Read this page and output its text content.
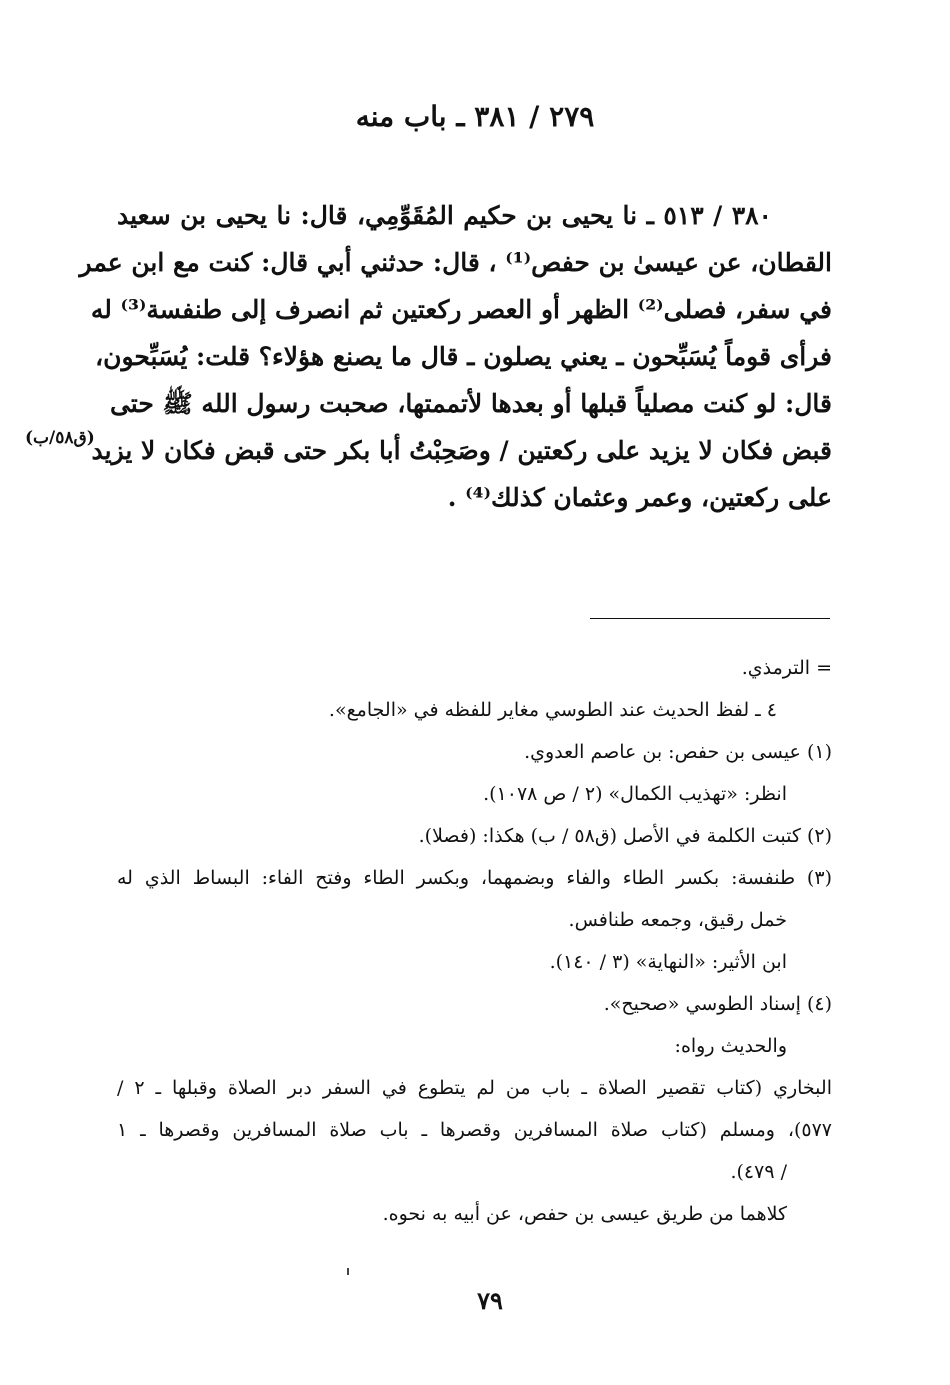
٢٧٩ / ٣٨١ ـ باب منه
٣٨٠ / ٥١٣ ـ نا يحيى بن حكيم المُقَوِّمِي، قال: نا يحيى بن سعيد
القطان، عن عيسىٰ بن حفص⁽¹⁾ ، قال: حدثني أبي قال: كنت مع ابن عمر
في سفر، فصلى⁽²⁾ الظهر أو العصر ركعتين ثم انصرف إلى طنفسة⁽³⁾ له
فرأى قوماً يُسَبِّحون ـ يعني يصلون ـ قال ما يصنع هؤلاء؟ قلت: يُسَبِّحون،
قال: لو كنت مصلياً قبلها أو بعدها لأتممتها، صحبت رسول الله ﷺ حتى
قبض فكان لا يزيد على ركعتين / وصَحِبْتُ أبا بكر حتى قبض فكان لا يزيد
على ركعتين، وعمر وعثمان كذلك⁽⁴⁾ .
(ق٥٨/ب)
= الترمذي.
٤ ـ لفظ الحديث عند الطوسي مغاير للفظه في «الجامع».
(١) عيسى بن حفص: بن عاصم العدوي.
انظر: «تهذيب الكمال» (٢ / ص ١٠٧٨).
(٢) كتبت الكلمة في الأصل (ق٥٨ / ب) هكذا: (فصلا).
(٣) طنفسة: بكسر الطاء والفاء وبضمهما، وبكسر الطاء وفتح الفاء: البساط الذي له
خمل رقيق، وجمعه طنافس.
ابن الأثير: «النهاية» (٣ / ١٤٠).
(٤) إسناد الطوسي «صحيح».
والحديث رواه:
البخاري (كتاب تقصير الصلاة ـ باب من لم يتطوع في السفر دبر الصلاة وقبلها ـ ٢ /
٥٧٧)، ومسلم (كتاب صلاة المسافرين وقصرها ـ باب صلاة المسافرين وقصرها ـ ١
/ ٤٧٩).
كلاهما من طريق عيسى بن حفص، عن أبيه به نحوه.
٧٩
